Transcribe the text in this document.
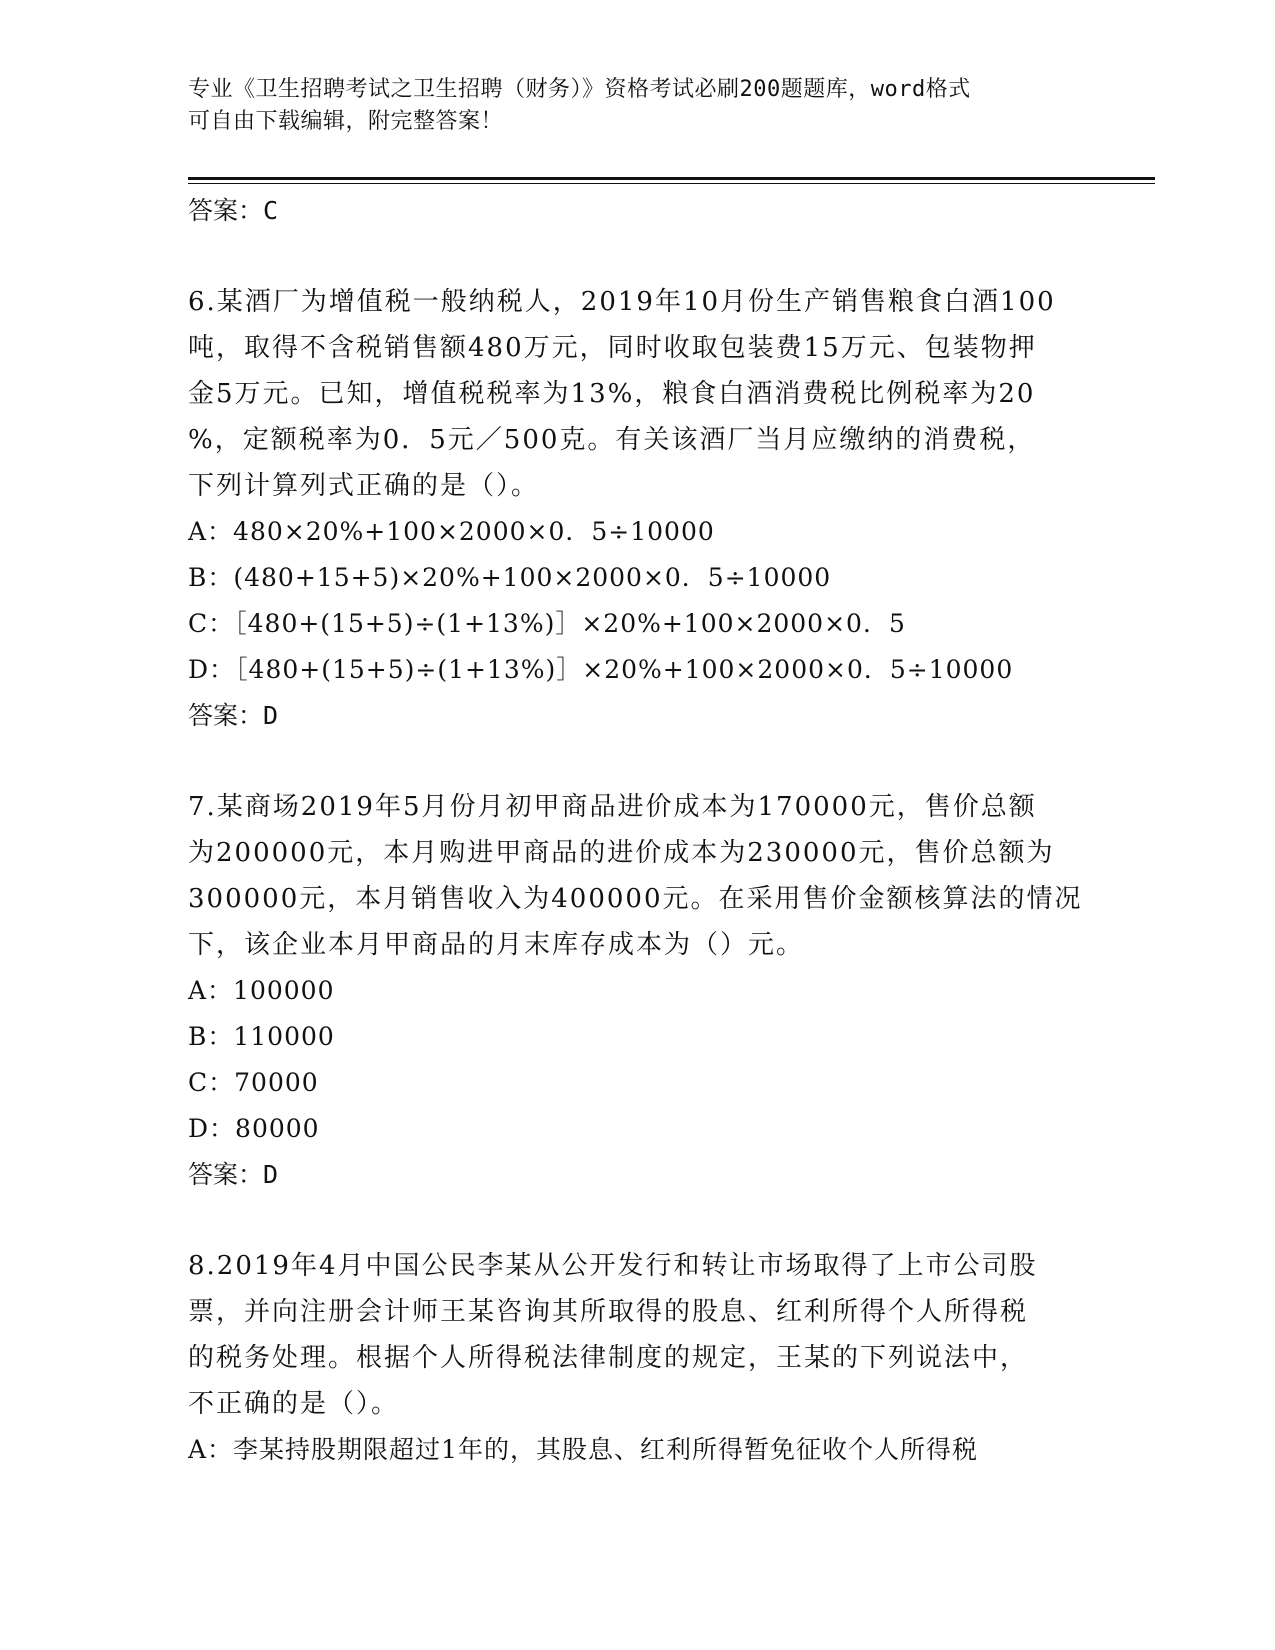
专业《卫生招聘考试之卫生招聘（财务）》资格考试必刷200题题库，word格式
可自由下载编辑，附完整答案！

答案：C

6.某酒厂为增值税一般纳税人，2019年10月份生产销售粮食白酒100

吨，取得不含税销售额480万元，同时收取包装费15万元、包装物押

金5万元。已知，增值税税率为13%，粮食白酒消费税比例税率为20

%，定额税率为0．5元／500克。有关该酒厂当月应缴纳的消费税，

下列计算列式正确的是（）。

A：480×20%+100×2000×0．5÷10000

B：(480+15+5)×20%+100×2000×0．5÷10000

C：［480+(15+5)÷(1+13%)］×20%+100×2000×0．5

D：［480+(15+5)÷(1+13%)］×20%+100×2000×0．5÷10000

答案：D

7.某商场2019年5月份月初甲商品进价成本为170000元，售价总额

为200000元，本月购进甲商品的进价成本为230000元，售价总额为

300000元，本月销售收入为400000元。在采用售价金额核算法的情况

下，该企业本月甲商品的月末库存成本为（）元。

A：100000

B：110000

C：70000

D：80000

答案：D

8.2019年4月中国公民李某从公开发行和转让市场取得了上市公司股

票，并向注册会计师王某咨询其所取得的股息、红利所得个人所得税

的税务处理。根据个人所得税法律制度的规定，王某的下列说法中，

不正确的是（）。

A：李某持股期限超过1年的，其股息、红利所得暂免征收个人所得税
